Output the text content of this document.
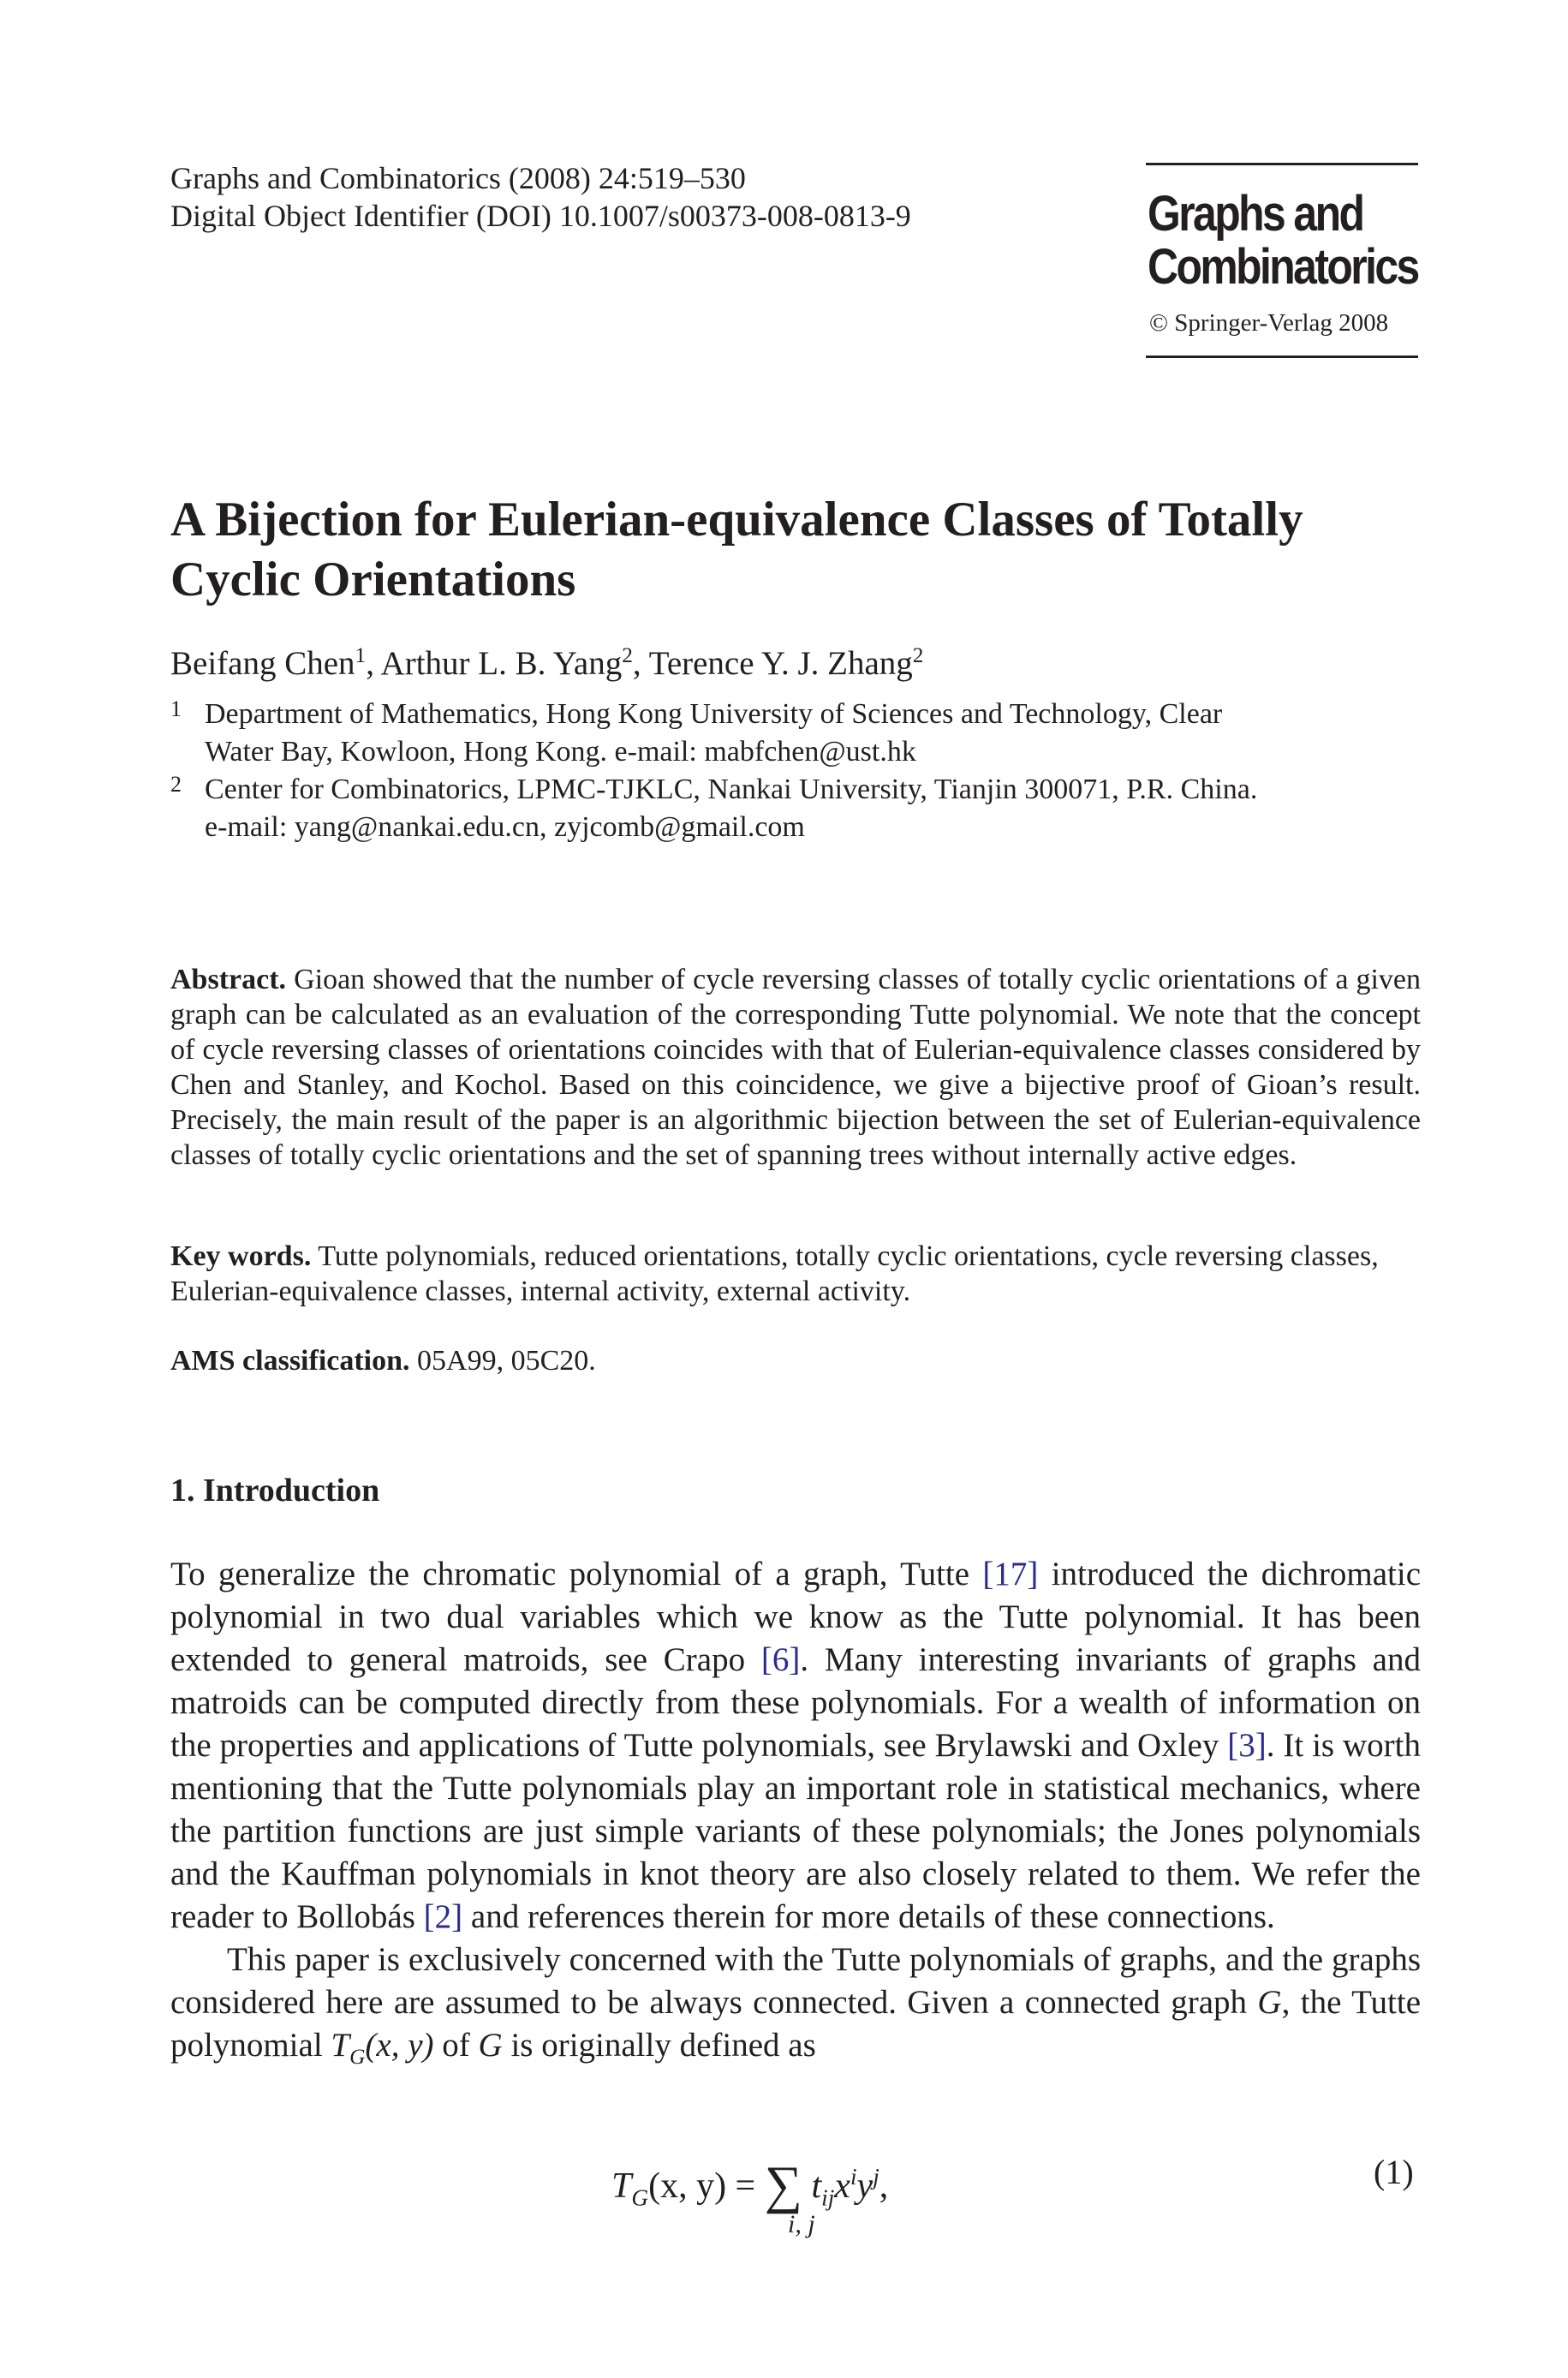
Graphs and Combinatorics (2008) 24:519–530
Digital Object Identifier (DOI) 10.1007/s00373-008-0813-9	Graphs and
Combinatorics
© Springer-Verlag 2008
A Bijection for Eulerian-equivalence Classes of Totally
Cyclic Orientations
Beifang Chen$^1$, Arthur L. B. Yang$^2$, Terence Y. J. Zhang$^2$
1 Department of Mathematics, Hong Kong University of Sciences and Technology, Clear
Water Bay, Kowloon, Hong Kong. e-mail: mabfchen@ust.hk
2 Center for Combinatorics, LPMC-TJKLC, Nankai University, Tianjin 300071, P.R. China.
e-mail: yang@nankai.edu.cn, zyjcomb@gmail.com
Abstract. Gioan showed that the number of cycle reversing classes of totally cyclic orientations of a given graph can be calculated as an evaluation of the corresponding Tutte polynomial. We note that the concept of cycle reversing classes of orientations coincides with that of Eulerian-equivalence classes considered by Chen and Stanley, and Kochol. Based on this coincidence, we give a bijective proof of Gioan’s result. Precisely, the main result of the paper is an algorithmic bijection between the set of Eulerian-equivalence classes of totally cyclic orientations and the set of spanning trees without internally active edges.
Key words. Tutte polynomials, reduced orientations, totally cyclic orientations, cycle reversing classes, Eulerian-equivalence classes, internal activity, external activity.
AMS classification. 05A99, 05C20.
1. Introduction

To generalize the chromatic polynomial of a graph, Tutte [17] introduced the dichromatic polynomial in two dual variables which we know as the Tutte polynomial. It has been extended to general matroids, see Crapo [6]. Many interesting invariants of graphs and matroids can be computed directly from these polynomials. For a wealth of information on the properties and applications of Tutte polynomials, see Brylawski and Oxley [3]. It is worth mentioning that the Tutte polynomials play an important role in statistical mechanics, where the partition functions are just simple variants of these polynomials; the Jones polynomials and the Kauffman polynomials in knot theory are also closely related to them. We refer the reader to Bollobás [2] and references therein for more details of these connections.

This paper is exclusively concerned with the Tutte polynomials of graphs, and the graphs considered here are assumed to be always connected. Given a connected graph G, the Tutte polynomial $T_G(x$, y) of G is originally defined as

$T_G(x$, y) = ∑ $t_{ij}x^iy^j$,
i, j
(1)
